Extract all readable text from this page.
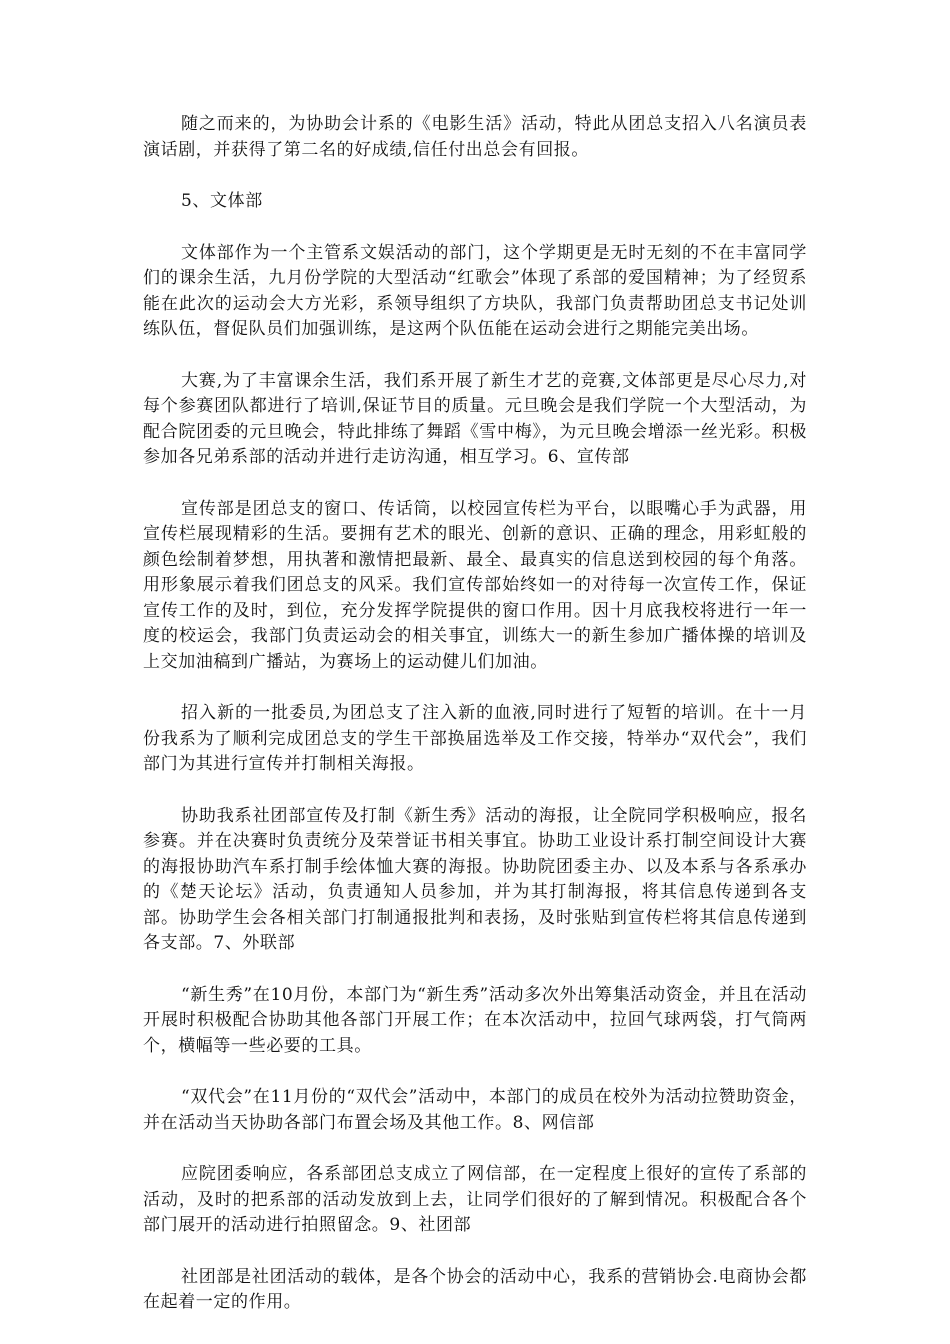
随之而来的，为协助会计系的《电影生活》活动，特此从团总支招入八名演员表演话剧，并获得了第二名的好成绩,信任付出总会有回报。

5、文体部

文体部作为一个主管系文娱活动的部门，这个学期更是无时无刻的不在丰富同学们的课余生活，九月份学院的大型活动“红歌会”体现了系部的爱国精神；为了经贸系能在此次的运动会大方光彩，系领导组织了方块队，我部门负责帮助团总支书记处训练队伍，督促队员们加强训练，是这两个队伍能在运动会进行之期能完美出场。

大赛,为了丰富课余生活，我们系开展了新生才艺的竞赛,文体部更是尽心尽力,对每个参赛团队都进行了培训,保证节目的质量。元旦晚会是我们学院一个大型活动，为配合院团委的元旦晚会，特此排练了舞蹈《雪中梅》，为元旦晚会增添一丝光彩。积极参加各兄弟系部的活动并进行走访沟通，相互学习。6、宣传部

宣传部是团总支的窗口、传话筒，以校园宣传栏为平台，以眼嘴心手为武器，用宣传栏展现精彩的生活。要拥有艺术的眼光、创新的意识、正确的理念，用彩虹般的颜色绘制着梦想，用执著和激情把最新、最全、最真实的信息送到校园的每个角落。用形象展示着我们团总支的风采。我们宣传部始终如一的对待每一次宣传工作，保证宣传工作的及时，到位，充分发挥学院提供的窗口作用。因十月底我校将进行一年一度的校运会，我部门负责运动会的相关事宜，训练大一的新生参加广播体操的培训及上交加油稿到广播站，为赛场上的运动健儿们加油。

招入新的一批委员,为团总支了注入新的血液,同时进行了短暂的培训。在十一月份我系为了顺利完成团总支的学生干部换届选举及工作交接，特举办“双代会”，我们部门为其进行宣传并打制相关海报。

协助我系社团部宣传及打制《新生秀》活动的海报，让全院同学积极响应，报名参赛。并在决赛时负责统分及荣誉证书相关事宜。协助工业设计系打制空间设计大赛的海报协助汽车系打制手绘体恤大赛的海报。协助院团委主办、以及本系与各系承办的《楚天论坛》活动，负责通知人员参加，并为其打制海报，将其信息传递到各支部。协助学生会各相关部门打制通报批判和表扬，及时张贴到宣传栏将其信息传递到各支部。7、外联部

“新生秀”在10月份，本部门为“新生秀”活动多次外出筹集活动资金，并且在活动开展时积极配合协助其他各部门开展工作；在本次活动中，拉回气球两袋，打气筒两个，横幅等一些必要的工具。

“双代会”在11月份的“双代会”活动中，本部门的成员在校外为活动拉赞助资金，并在活动当天协助各部门布置会场及其他工作。8、网信部

应院团委响应，各系部团总支成立了网信部，在一定程度上很好的宣传了系部的活动，及时的把系部的活动发放到上去，让同学们很好的了解到情况。积极配合各个部门展开的活动进行拍照留念。9、社团部

社团部是社团活动的载体，是各个协会的活动中心，我系的营销协会.电商协会都在起着一定的作用。
